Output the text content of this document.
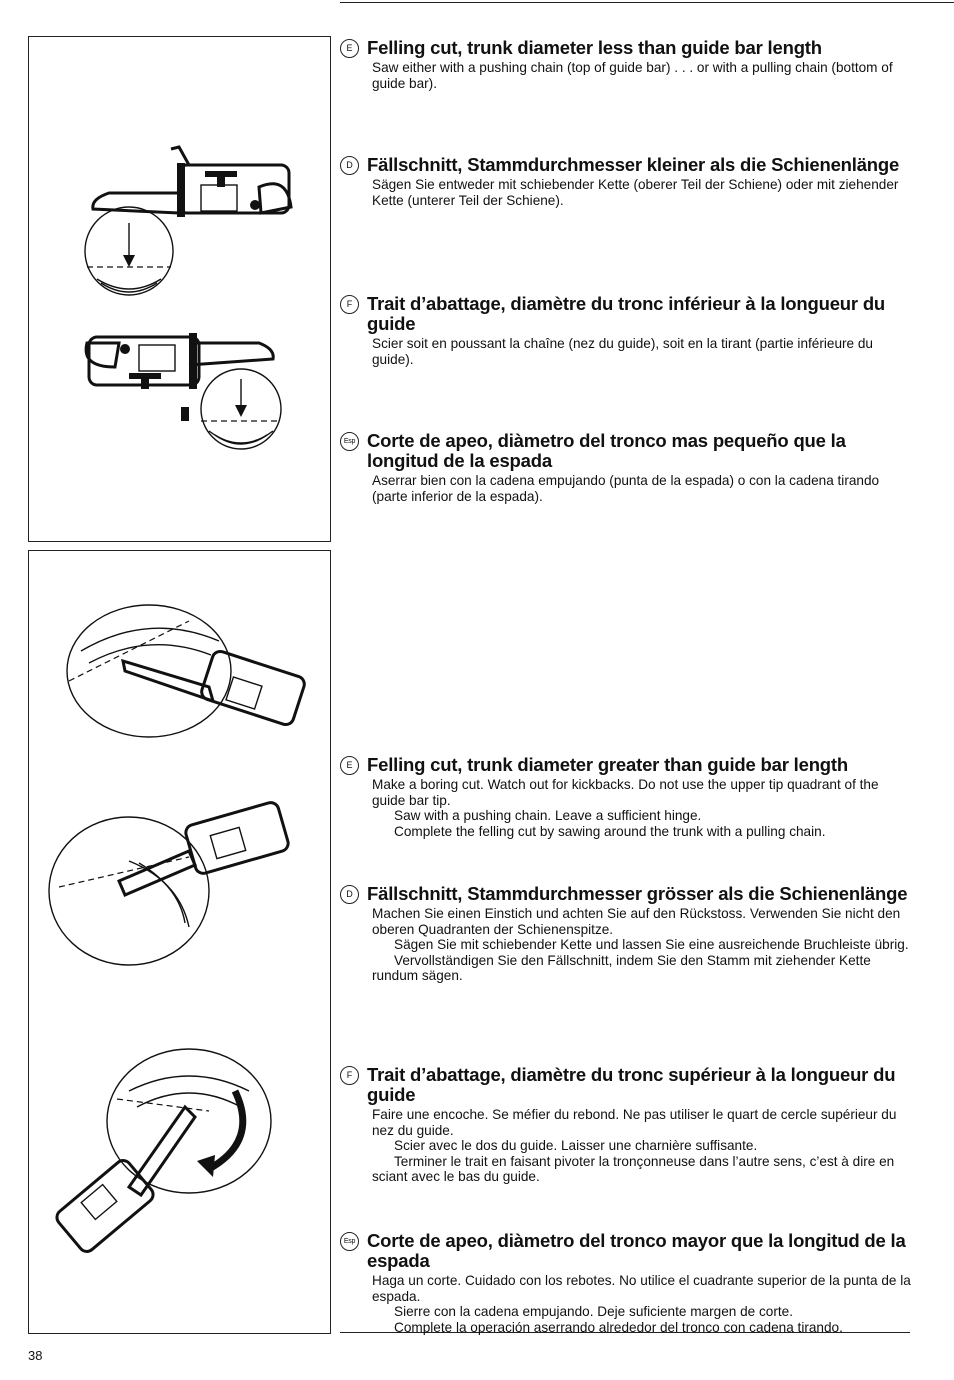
E Felling cut, trunk diameter less than guide bar length

Saw either with a pushing chain (top of guide bar) . . . or with a pulling chain (bottom of guide bar).

D Fällschnitt, Stammdurchmesser kleiner als die Schienenlänge

Sägen Sie entweder mit schiebender Kette (oberer Teil der Schiene) oder mit ziehender Kette (unterer Teil der Schiene).

F Trait d’abattage, diamètre du tronc inférieur à la longueur du guide

Scier soit en poussant la chaîne (nez du guide), soit en la tirant (partie inférieure du guide).

Esp Corte de apeo, diàmetro del tronco mas pequeño que la longitud de la espada

Aserrar bien con la cadena empujando (punta de la espada) o con la cadena tirando (parte inferior de la espada).

E Felling cut, trunk diameter greater than guide bar length

Make a boring cut. Watch out for kickbacks. Do not use the upper tip quadrant of the guide bar tip.

Saw with a pushing chain. Leave a sufficient hinge.

Complete the felling cut by sawing around the trunk with a pulling chain.

D Fällschnitt, Stammdurchmesser grösser als die Schienenlänge

Machen Sie einen Einstich und achten Sie auf den Rückstoss. Verwenden Sie nicht den oberen Quadranten der Schienenspitze.

Sägen Sie mit schiebender Kette und lassen Sie eine ausreichende Bruchleiste übrig.

Vervollständigen Sie den Fällschnitt, indem Sie den Stamm mit ziehender Kette rundum sägen.

F Trait d’abattage, diamètre du tronc supérieur à la longueur du guide

Faire une encoche. Se méfier du rebond. Ne pas utiliser le quart de cercle supérieur du nez du guide.

Scier avec le dos du guide. Laisser une charnière suffisante.

Terminer le trait en faisant pivoter la tronçonneuse dans l’autre sens, c’est à dire en sciant avec le bas du guide.

Esp Corte de apeo, diàmetro del tronco mayor que la longitud de la espada

Haga un corte. Cuidado con los rebotes. No utilice el cuadrante superior de la punta de la espada.

Sierre con la cadena empujando. Deje suficiente margen de corte.

Complete la operación aserrando alrededor del tronco con cadena tirando.

38
